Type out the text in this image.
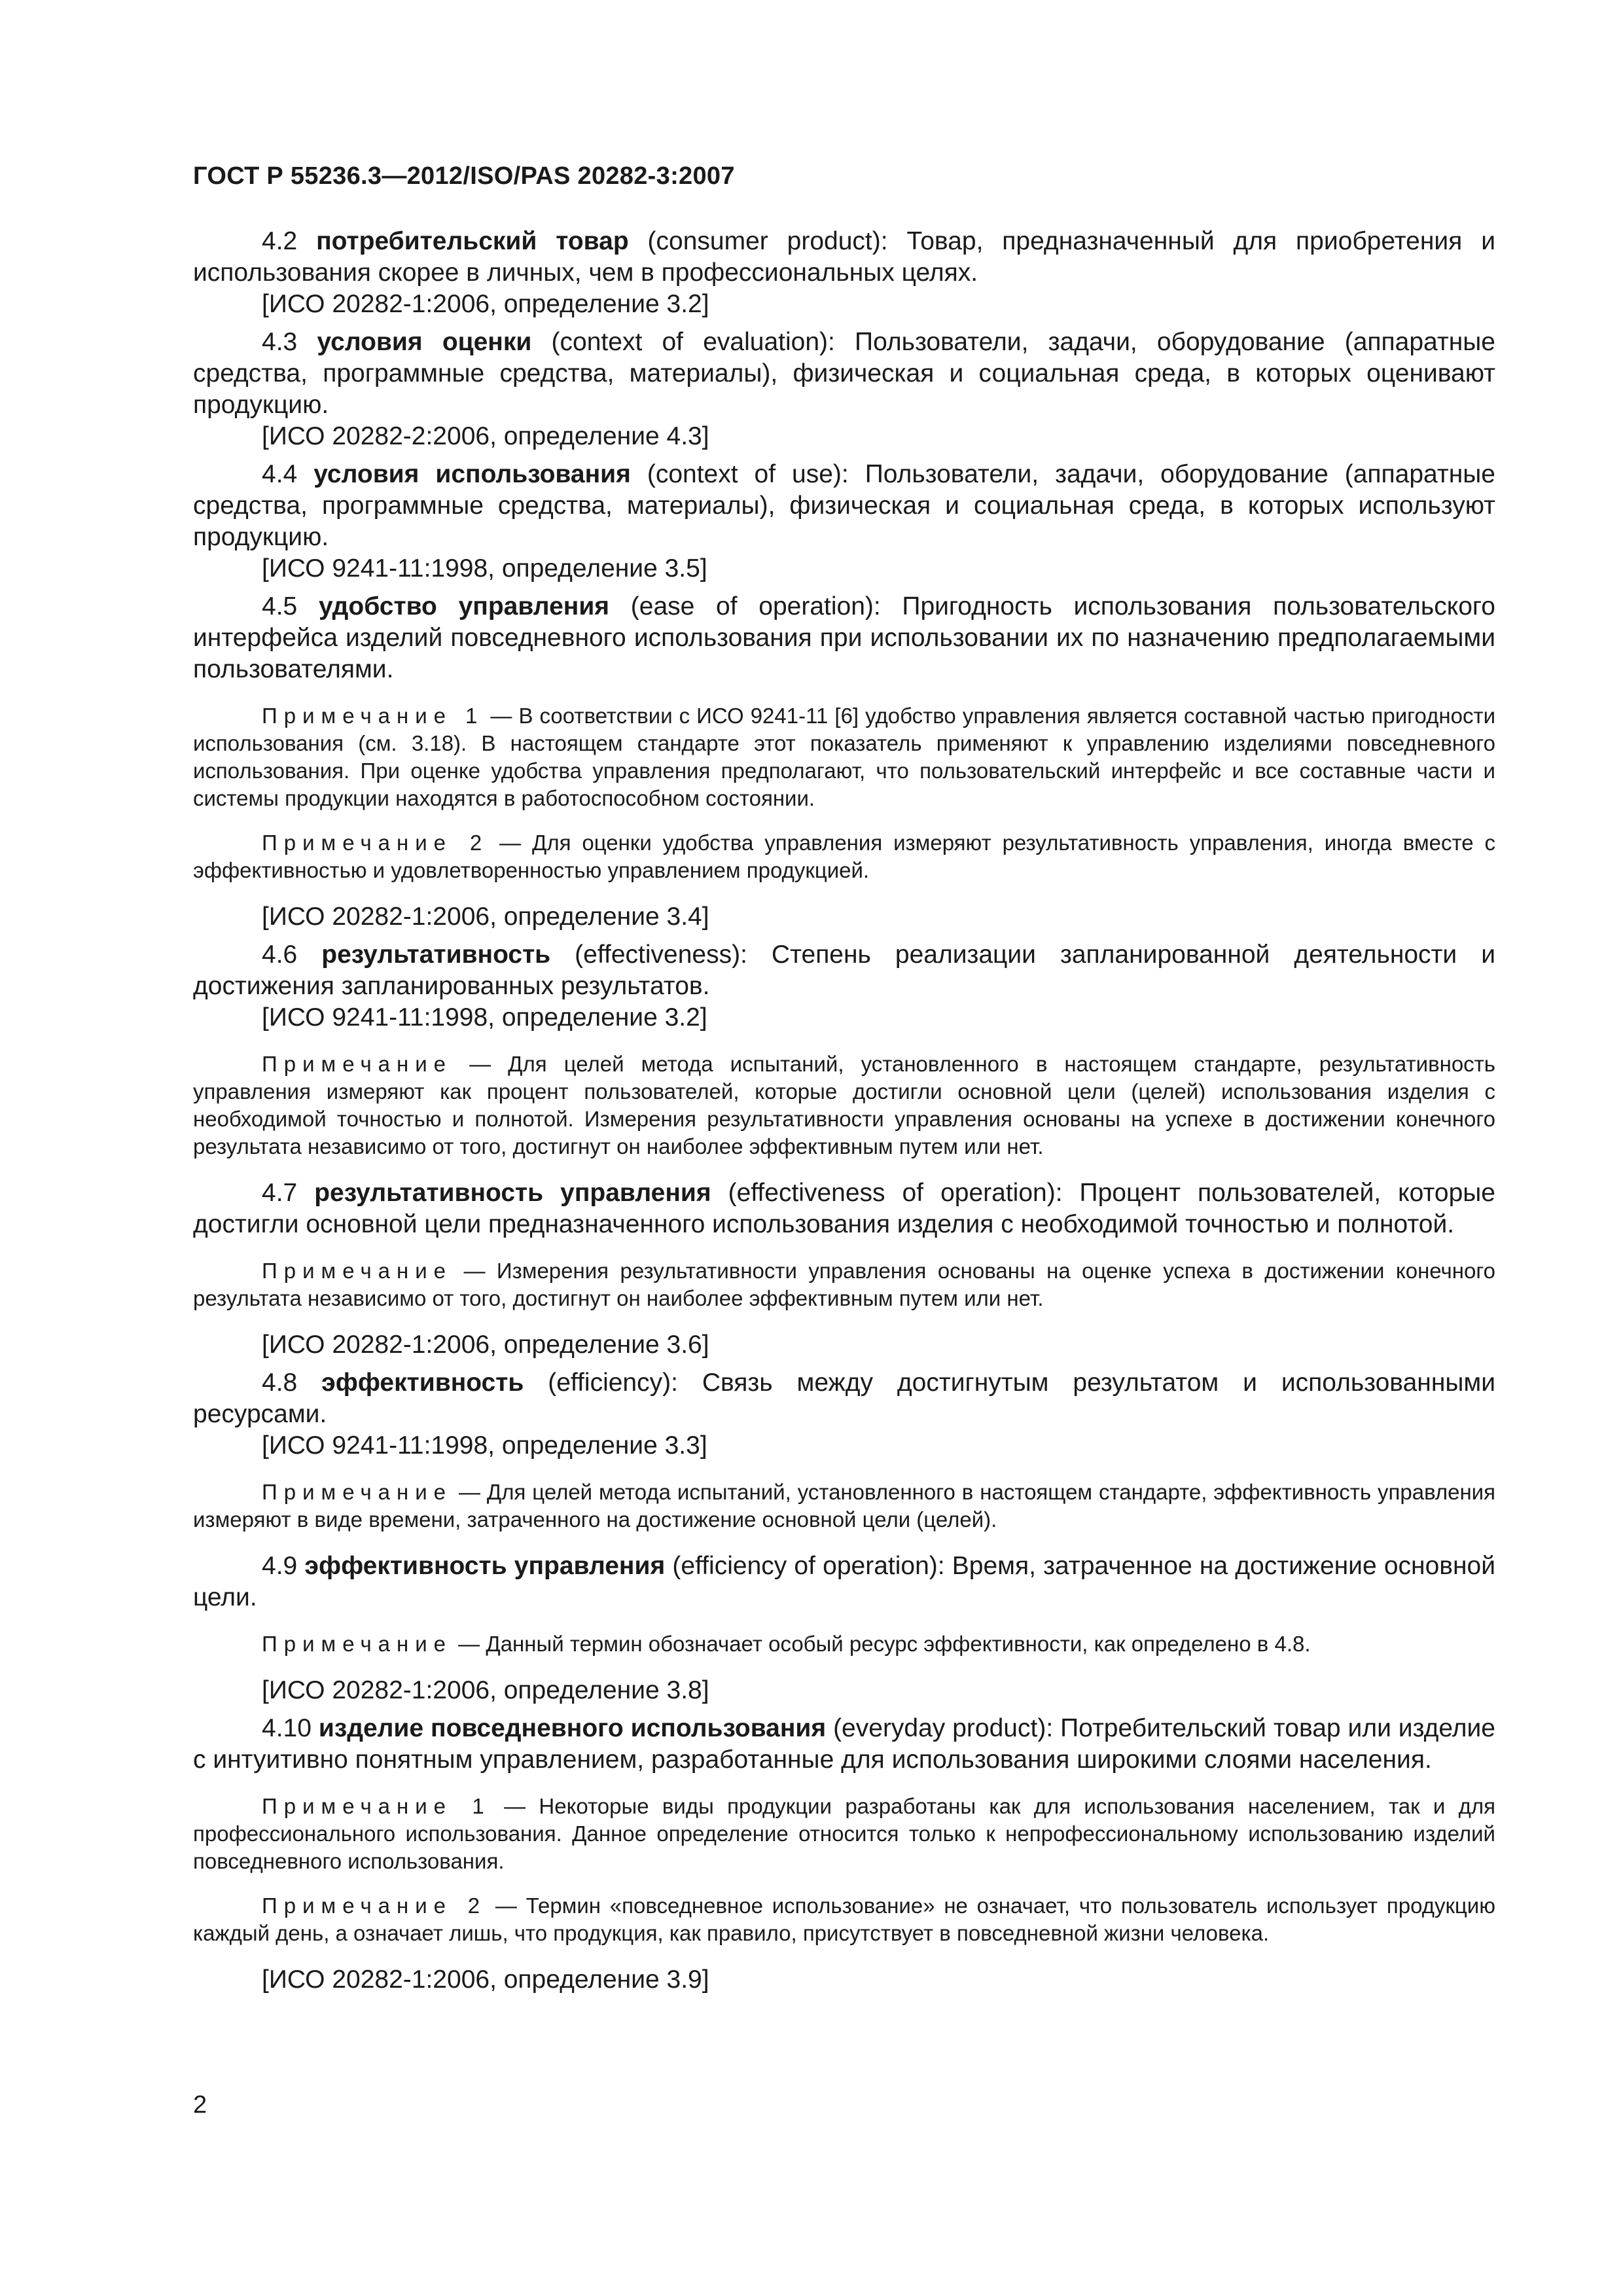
ГОСТ Р 55236.3—2012/ISO/PAS 20282-3:2007

4.2 потребительский товар (consumer product): Товар, предназначенный для приобретения и использования скорее в личных, чем в профессиональных целях.

[ИСО 20282-1:2006, определение 3.2]

4.3 условия оценки (context of evaluation): Пользователи, задачи, оборудование (аппаратные средства, программные средства, материалы), физическая и социальная среда, в которых оценивают продукцию.

[ИСО 20282-2:2006, определение 4.3]

4.4 условия использования (context of use): Пользователи, задачи, оборудование (аппаратные средства, программные средства, материалы), физическая и социальная среда, в которых используют продукцию.

[ИСО 9241-11:1998, определение 3.5]

4.5 удобство управления (ease of operation): Пригодность использования пользовательского интерфейса изделий повседневного использования при использовании их по назначению предполагаемыми пользователями.

Примечание 1 — В соответствии с ИСО 9241-11 [6] удобство управления является составной частью пригодности использования (см. 3.18). В настоящем стандарте этот показатель применяют к управлению изделиями повседневного использования. При оценке удобства управления предполагают, что пользовательский интерфейс и все составные части и системы продукции находятся в работоспособном состоянии.

Примечание 2 — Для оценки удобства управления измеряют результативность управления, иногда вместе с эффективностью и удовлетворенностью управлением продукцией.

[ИСО 20282-1:2006, определение 3.4]

4.6 результативность (effectiveness): Степень реализации запланированной деятельности и достижения запланированных результатов.

[ИСО 9241-11:1998, определение 3.2]

Примечание — Для целей метода испытаний, установленного в настоящем стандарте, результативность управления измеряют как процент пользователей, которые достигли основной цели (целей) использования изделия с необходимой точностью и полнотой. Измерения результативности управления основаны на успехе в достижении конечного результата независимо от того, достигнут он наиболее эффективным путем или нет.

4.7 результативность управления (effectiveness of operation): Процент пользователей, которые достигли основной цели предназначенного использования изделия с необходимой точностью и полнотой.

Примечание — Измерения результативности управления основаны на оценке успеха в достижении конечного результата независимо от того, достигнут он наиболее эффективным путем или нет.

[ИСО 20282-1:2006, определение 3.6]

4.8 эффективность (efficiency): Связь между достигнутым результатом и использованными ресурсами.

[ИСО 9241-11:1998, определение 3.3]

Примечание — Для целей метода испытаний, установленного в настоящем стандарте, эффективность управления измеряют в виде времени, затраченного на достижение основной цели (целей).

4.9 эффективность управления (efficiency of operation): Время, затраченное на достижение основной цели.

Примечание — Данный термин обозначает особый ресурс эффективности, как определено в 4.8.

[ИСО 20282-1:2006, определение 3.8]

4.10 изделие повседневного использования (everyday product): Потребительский товар или изделие с интуитивно понятным управлением, разработанные для использования широкими слоями населения.

Примечание 1 — Некоторые виды продукции разработаны как для использования населением, так и для профессионального использования. Данное определение относится только к непрофессиональному использованию изделий повседневного использования.

Примечание 2 — Термин «повседневное использование» не означает, что пользователь использует продукцию каждый день, а означает лишь, что продукция, как правило, присутствует в повседневной жизни человека.

[ИСО 20282-1:2006, определение 3.9]

2
